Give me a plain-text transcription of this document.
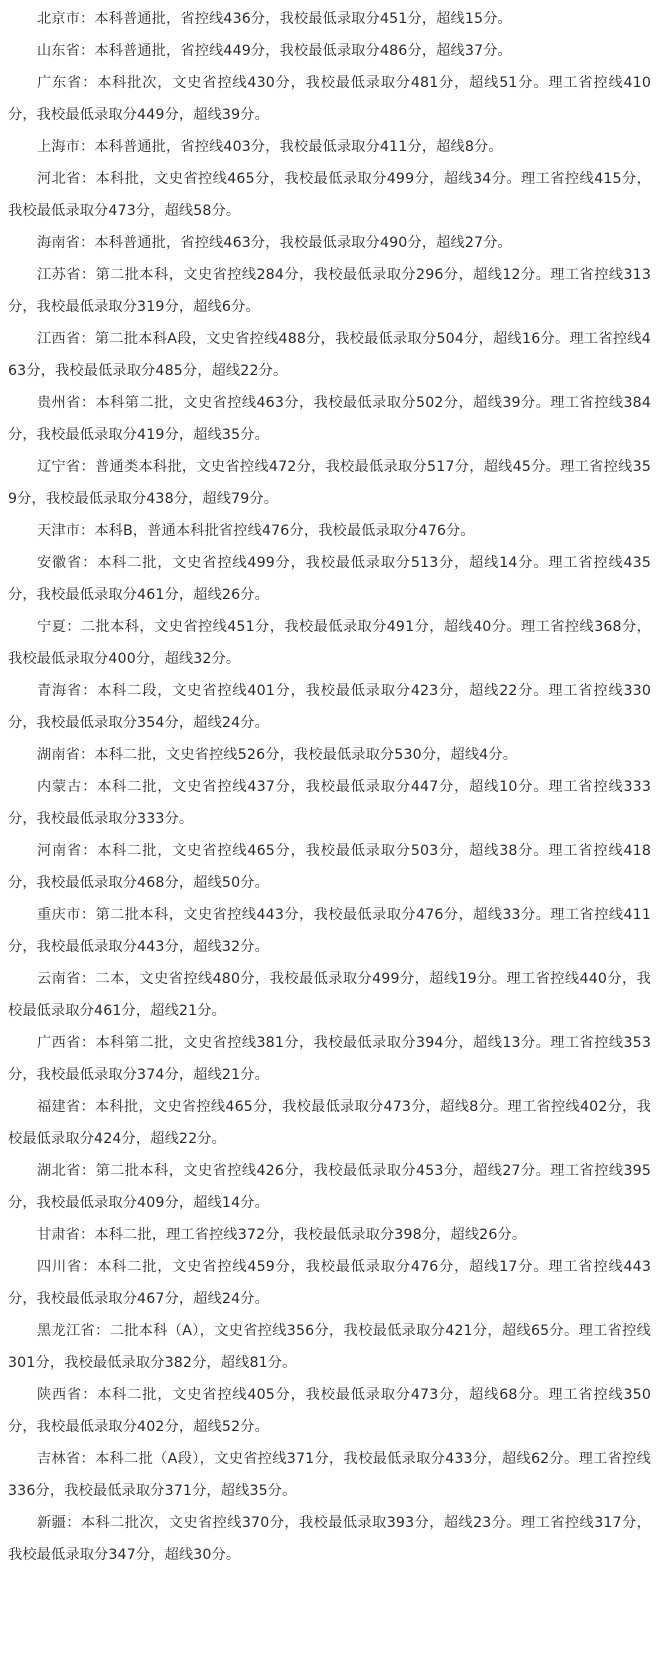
北京市：本科普通批，省控线436分，我校最低录取分451分，超线15分。

山东省：本科普通批，省控线449分，我校最低录取分486分，超线37分。

广东省：本科批次，文史省控线430分，我校最低录取分481分，超线51分。理工省控线410分，我校最低录取分449分，超线39分。

上海市：本科普通批，省控线403分，我校最低录取分411分，超线8分。

河北省：本科批，文史省控线465分，我校最低录取分499分，超线34分。理工省控线415分，我校最低录取分473分，超线58分。

海南省：本科普通批，省控线463分，我校最低录取分490分，超线27分。

江苏省：第二批本科，文史省控线284分，我校最低录取分296分，超线12分。理工省控线313分，我校最低录取分319分，超线6分。

江西省：第二批本科A段，文史省控线488分，我校最低录取分504分，超线16分。理工省控线463分，我校最低录取分485分，超线22分。

贵州省：本科第二批，文史省控线463分，我校最低录取分502分，超线39分。理工省控线384分，我校最低录取分419分，超线35分。

辽宁省：普通类本科批，文史省控线472分，我校最低录取分517分，超线45分。理工省控线359分，我校最低录取分438分，超线79分。

天津市：本科B，普通本科批省控线476分，我校最低录取分476分。

安徽省：本科二批，文史省控线499分，我校最低录取分513分，超线14分。理工省控线435分，我校最低录取分461分，超线26分。

宁夏：二批本科，文史省控线451分，我校最低录取分491分，超线40分。理工省控线368分，我校最低录取分400分，超线32分。

青海省：本科二段，文史省控线401分，我校最低录取分423分，超线22分。理工省控线330分，我校最低录取分354分，超线24分。

湖南省：本科二批，文史省控线526分，我校最低录取分530分，超线4分。

内蒙古：本科二批，文史省控线437分，我校最低录取分447分，超线10分。理工省控线333分，我校最低录取分333分。

河南省：本科二批，文史省控线465分，我校最低录取分503分，超线38分。理工省控线418分，我校最低录取分468分，超线50分。

重庆市：第二批本科，文史省控线443分，我校最低录取分476分，超线33分。理工省控线411分，我校最低录取分443分，超线32分。

云南省：二本，文史省控线480分，我校最低录取分499分，超线19分。理工省控线440分，我校最低录取分461分，超线21分。

广西省：本科第二批，文史省控线381分，我校最低录取分394分，超线13分。理工省控线353分，我校最低录取分374分，超线21分。

福建省：本科批，文史省控线465分，我校最低录取分473分，超线8分。理工省控线402分，我校最低录取分424分，超线22分。

湖北省：第二批本科，文史省控线426分，我校最低录取分453分，超线27分。理工省控线395分，我校最低录取分409分，超线14分。

甘肃省：本科二批，理工省控线372分，我校最低录取分398分，超线26分。

四川省：本科二批，文史省控线459分，我校最低录取分476分，超线17分。理工省控线443分，我校最低录取分467分，超线24分。

黑龙江省：二批本科（A），文史省控线356分，我校最低录取分421分，超线65分。理工省控线301分，我校最低录取分382分，超线81分。

陕西省：本科二批，文史省控线405分，我校最低录取分473分，超线68分。理工省控线350分，我校最低录取分402分，超线52分。

吉林省：本科二批（A段），文史省控线371分，我校最低录取分433分，超线62分。理工省控线336分，我校最低录取分371分，超线35分。

新疆：本科二批次，文史省控线370分，我校最低录取393分，超线23分。理工省控线317分，我校最低录取分347分，超线30分。
